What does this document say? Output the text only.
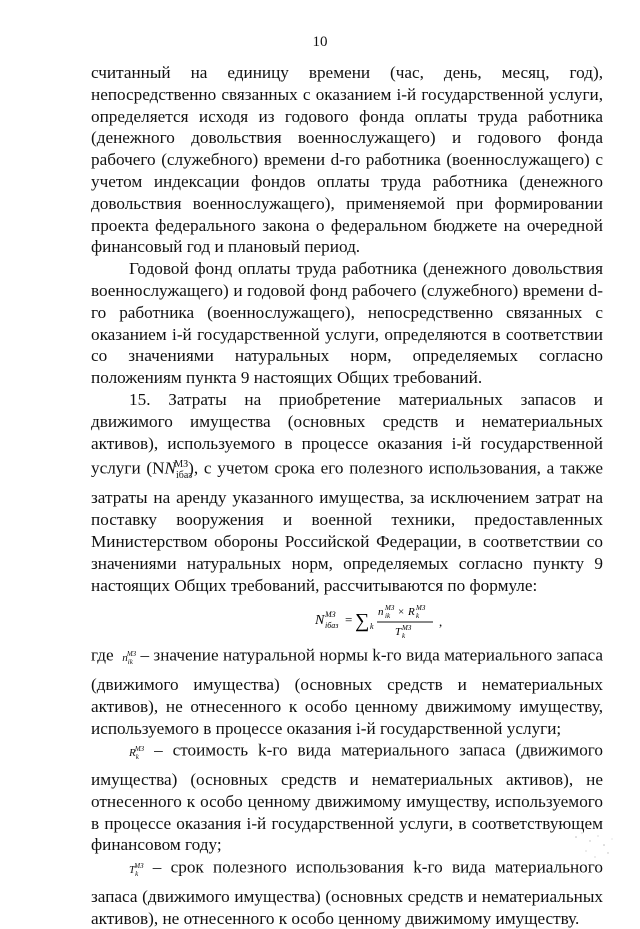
10

считанный на единицу времени (час, день, месяц, год), непосредственно связанных с оказанием i-й государственной услуги, определяется исходя из годового фонда оплаты труда работника (денежного довольствия военнослужащего) и годового фонда рабочего (служебного) времени d-го работника (военнослужащего) с учетом индексации фондов оплаты труда работника (денежного довольствия военнослужащего), применяемой при формировании проекта федерального закона о федеральном бюджете на очередной финансовый год и плановый период.

Годовой фонд оплаты труда работника (денежного довольствия военнослужащего) и годовой фонд рабочего (служебного) времени d-го работника (военнослужащего), непосредственно связанных с оказанием i-й государственной услуги, определяются в соответствии со значениями натуральных норм, определяемых согласно положениям пункта 9 настоящих Общих требований.

15. Затраты на приобретение материальных запасов и движимого имущества (основных средств и нематериальных активов), используемого в процессе оказания i-й государственной услуги $(NN_{iбаз}^{МЗ})$, с учетом срока его полезного использования, а также затраты на аренду указанного имущества, за исключением затрат на поставку вооружения и военной техники, предоставленных Министерством обороны Российской Федерации, в соответствии со значениями натуральных норм, определяемых согласно пункту 9 настоящих Общих требований, рассчитываются по формуле:

N МЗ
iбаз = ∑ k
n МЗ
ik × R МЗ
k
T МЗ
k
,

где $n_{ik}^{МЗ}$ – значение натуральной нормы k-го вида материального запаса (движимого имущества) (основных средств и нематериальных активов), не отнесенного к особо ценному движимому имуществу, используемого в процессе оказания i-й государственной услуги;

$R_k^{МЗ}$ – стоимость k-го вида материального запаса (движимого имущества) (основных средств и нематериальных активов), не отнесенного к особо ценному движимому имуществу, используемого в процессе оказания i-й государственной услуги, в соответствующем финансовом году;

$T_k^{МЗ}$ – срок полезного использования k-го вида материального запаса (движимого имущества) (основных средств и нематериальных активов), не отнесенного к особо ценному движимому имуществу.
